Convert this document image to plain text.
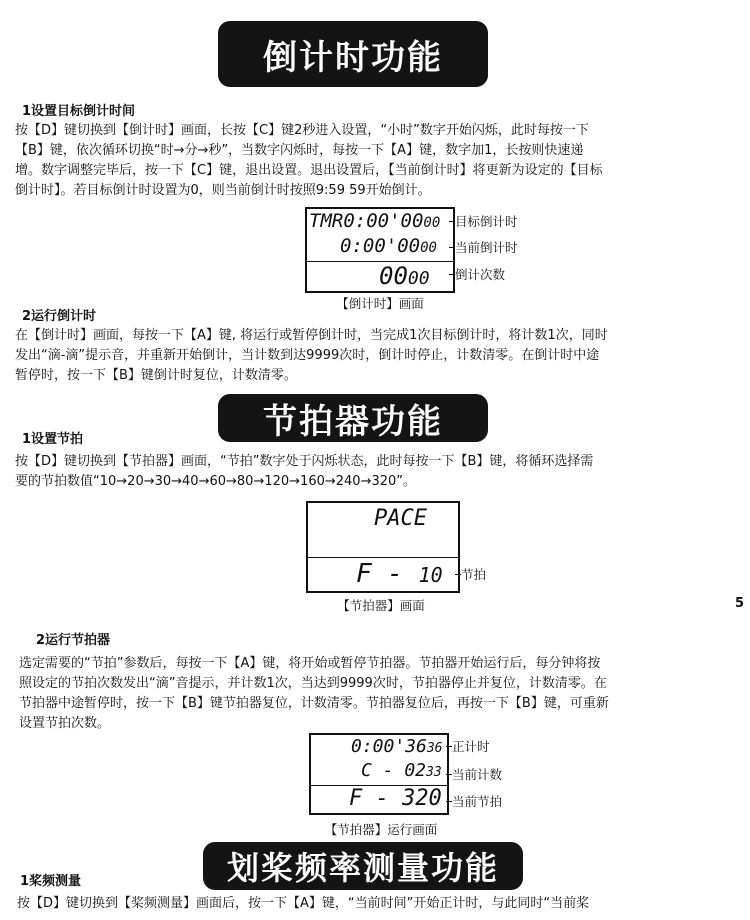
倒计时功能
1设置目标倒计时间
按【D】键切换到【倒计时】画面，长按【C】键2秒进入设置，“小时”数字开始闪烁，此时每按一下
【B】键，依次循环切换“时→分→秒”，当数字闪烁时，每按一下【A】键，数字加1，长按则快速递
增。数字调整完毕后，按一下【C】键，退出设置。退出设置后，【当前倒计时】将更新为设定的【目标
倒计时】。若目标倒计时设置为0，则当前倒计时按照9:59 59开始倒计。
TMR0:00'0000
0:00'0000
0000
目标倒计时
当前倒计时
倒计次数
【倒计时】画面
2运行倒计时
在【倒计时】画面，每按一下【A】键, 将运行或暂停倒计时，当完成1次目标倒计时，将计数1次，同时
发出“滴-滴”提示音，并重新开始倒计，当计数到达9999次时，倒计时停止，计数清零。在倒计时中途
暂停时，按一下【B】键倒计时复位，计数清零。
节拍器功能
1设置节拍
按【D】键切换到【节拍器】画面，“节拍”数字处于闪烁状态，此时每按一下【B】键，将循环选择需
要的节拍数值“10→20→30→40→60→80→120→160→240→320”。
PACE
F - 10 节拍
【节拍器】画面	5
2运行节拍器
选定需要的“节拍”参数后，每按一下【A】键，将开始或暂停节拍器。节拍器开始运行后，每分钟将按
照设定的节拍次数发出“滴”音提示，并计数1次，当达到9999次时，节拍器停止并复位，计数清零。在
节拍器中途暂停时，按一下【B】键节拍器复位，计数清零。节拍器复位后，再按一下【B】键，可重新
设置节拍次数。
0:00'3636
C - 0233
F - 320
正计时
当前计数
当前节拍
【节拍器】运行画面
划桨频率测量功能
1桨频测量
按【D】键切换到【桨频测量】画面后，按一下【A】键，“当前时间”开始正计时，与此同时“当前桨
